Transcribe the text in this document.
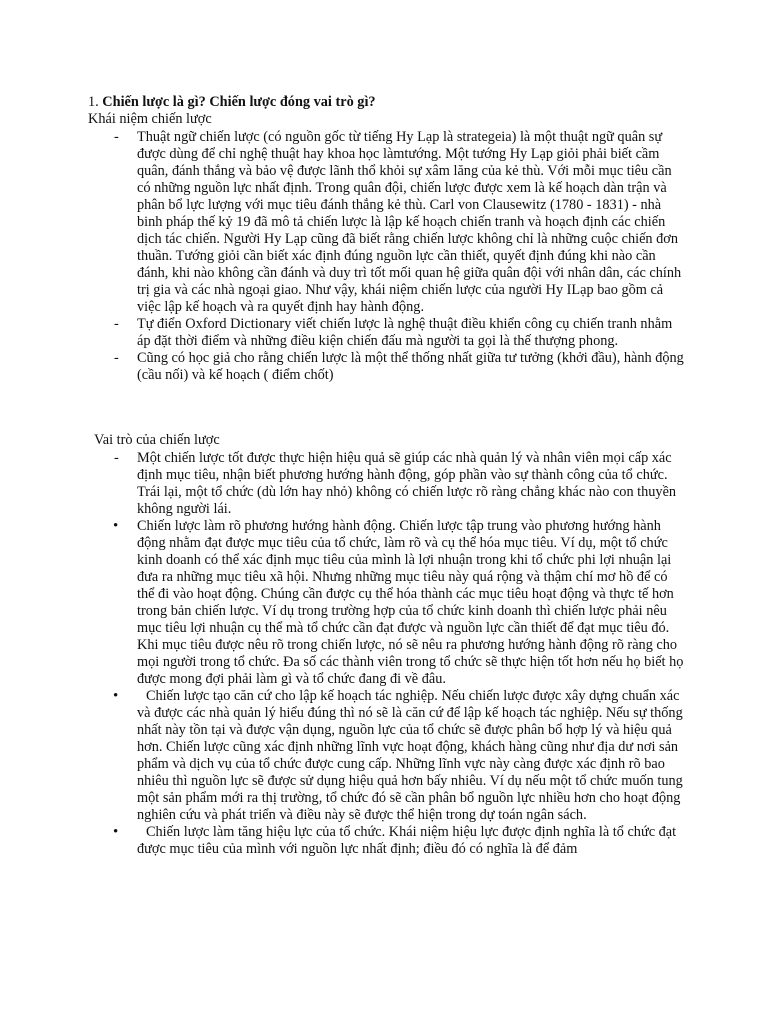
1. Chiến lược là gì? Chiến lược đóng vai trò gì?

Khái niệm chiến lược

-	Thuật ngữ chiến lược (có nguồn gốc từ tiếng Hy Lạp là strategeia) là một thuật ngữ quân sự được dùng để chỉ nghệ thuật hay khoa học làmtướng. Một tướng Hy Lạp giỏi phải biết cầm quân, đánh thắng và bảo vệ được lãnh thổ khỏi sự xâm lăng của kẻ thù. Với mỗi mục tiêu cần có những nguồn lực nhất định. Trong quân đội, chiến lược được xem là kế hoạch dàn trận và phân bổ lực lượng với mục tiêu đánh thắng kẻ thù. Carl von Clausewitz (1780 - 1831) - nhà binh pháp thế kỷ 19 đã mô tả chiến lược là lập kế hoạch chiến tranh và hoạch định các chiến dịch tác chiến. Người Hy Lạp cũng đã biết rằng chiến lược không chỉ là những cuộc chiến đơn thuần. Tướng giỏi cần biết xác định đúng nguồn lực cần thiết, quyết định đúng khi nào cần đánh, khi nào không cần đánh và duy trì tốt mối quan hệ giữa quân đội với nhân dân, các chính trị gia và các nhà ngoại giao. Như vậy, khái niệm chiến lược của người Hy ILạp bao gồm cả việc lập kế hoạch và ra quyết định hay hành động.
-	Tự điển Oxford Dictionary viết chiến lược là nghệ thuật điều khiển công cụ chiến tranh nhằm áp đặt thời điểm và những điều kiện chiến đấu mà người ta gọi là thế thượng phong.
-	Cũng có học giả cho rằng chiến lược là một thể thống nhất giữa tư tưởng (khởi đầu), hành động (cầu nối) và kế hoạch ( điểm chốt)

Vai trò của chiến lược

-	Một chiến lược tốt được thực hiện hiệu quả sẽ giúp các nhà quản lý và nhân viên mọi cấp xác định mục tiêu, nhận biết phương hướng hành động, góp phần vào sự thành công của tổ chức. Trái lại, một tổ chức (dù lớn hay nhỏ) không có chiến lược rõ ràng chẳng khác nào con thuyền không người lái.
•	Chiến lược làm rõ phương hướng hành động. Chiến lược tập trung vào phương hướng hành động nhằm đạt được mục tiêu của tổ chức, làm rõ và cụ thể hóa mục tiêu. Ví dụ, một tổ chức kinh doanh có thể xác định mục tiêu của mình là lợi nhuận trong khi tổ chức phi lợi nhuận lại đưa ra những mục tiêu xã hội. Nhưng những mục tiêu này quá rộng và thậm chí mơ hồ để có thể đi vào hoạt động. Chúng cần được cụ thể hóa thành các mục tiêu hoạt động và thực tế hơn trong bản chiến lược. Ví dụ trong trường hợp của tổ chức kinh doanh thì chiến lược phải nêu mục tiêu lợi nhuận cụ thể mà tổ chức cần đạt được và nguồn lực cần thiết để đạt mục tiêu đó. Khi mục tiêu được nêu rõ trong chiến lược, nó sẽ nêu ra phương hướng hành động rõ ràng cho mọi người trong tổ chức. Đa số các thành viên trong tổ chức sẽ thực hiện tốt hơn nếu họ biết họ được mong đợi phải làm gì và tổ chức đang đi về đâu.
•	Chiến lược tạo căn cứ cho lập kế hoạch tác nghiệp. Nếu chiến lược được xây dựng chuẩn xác và được các nhà quản lý hiểu đúng thì nó sẽ là căn cứ để lập kế hoạch tác nghiệp. Nếu sự thống nhất này tồn tại và được vận dụng, nguồn lực của tổ chức sẽ được phân bổ hợp lý và hiệu quả hơn. Chiến lược cũng xác định những lĩnh vực hoạt động, khách hàng cũng như địa dư nơi sản phẩm và dịch vụ của tổ chức được cung cấp. Những lĩnh vực này càng được xác định rõ bao nhiêu thì nguồn lực sẽ được sử dụng hiệu quả hơn bấy nhiêu. Ví dụ nếu một tổ chức muốn tung một sản phẩm mới ra thị trường, tổ chức đó sẽ cần phân bổ nguồn lực nhiều hơn cho hoạt động nghiên cứu và phát triển và điều này sẽ được thể hiện trong dự toán ngân sách.
•	Chiến lược làm tăng hiệu lực của tổ chức. Khái niệm hiệu lực được định nghĩa là tổ chức đạt được mục tiêu của mình với nguồn lực nhất định; điều đó có nghĩa là để đảm
